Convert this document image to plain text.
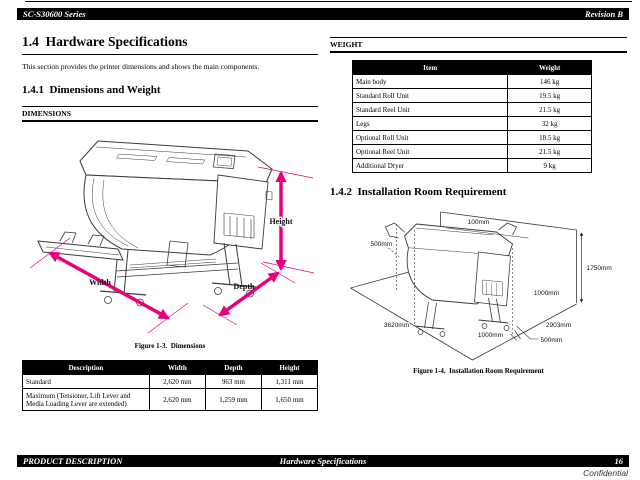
SC-S30600 Series	Revision B
1.4  Hardware Specifications

This section provides the printer dimensions and shows the main components.

1.4.1  Dimensions and Weight
DIMENSIONS
Width	Depth
Height
Figure 1-3.  Dimensions
Description	Width	Depth	Height
Standard	2,620 mm	963 mm	1,311 mm
Maximum (Tensioner, Lift Lever and Media Loading Lever are extended)	2,620 mm	1,259 mm	1,650 mm
WEIGHT
Item	Weight
Main body	146 kg
Standard Roll Unit	19.5 kg
Standard Reel Unit	21.5 kg
Legs	32 kg
Optional Roll Unit	18.5 kg
Optional Reel Unit	21.5 kg
Additional Dryer	9 kg
1.4.2  Installation Room Requirement
100mm
500mm
1750mm
1000mm
2903mm
1000mm
3620mm
500mm
Figure 1-4.  Installation Room Requirement
PRODUCT DESCRIPTION	Hardware Specifications	16
Confidential
